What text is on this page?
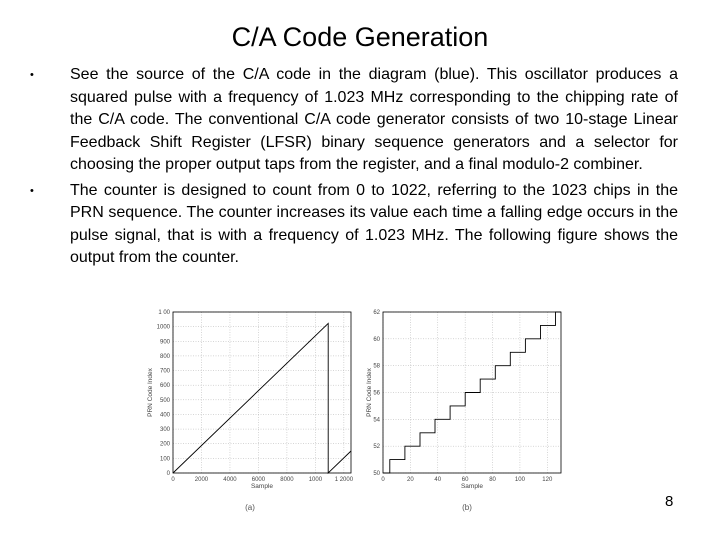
C/A Code Generation
• See the source of the C/A code in the diagram (blue). This oscillator produces a squared pulse with a frequency of 1.023 MHz corresponding to the chipping rate of the C/A code. The conventional C/A code generator consists of two 10-stage Linear Feedback Shift Register (LFSR) binary sequence generators and a selector for choosing the proper output taps from the register, and a final modulo-2 combiner.
• The counter is designed to count from 0 to 1022, referring to the 1023 chips in the PRN sequence. The counter increases its value each time a falling edge occurs in the pulse signal, that is with a frequency of 1.023 MHz. The following figure shows the output from the counter.
0	2000	4000	6000	8000	1000 1 2000
0
100
200
300
400
500
600
700
800
900
1000
1 00
Sample
PRN Code Index
(a)
0	20	40	60	80	100	120
50
52
54
56
58
60
62
Sample
PRN Code Index
(b)	8
